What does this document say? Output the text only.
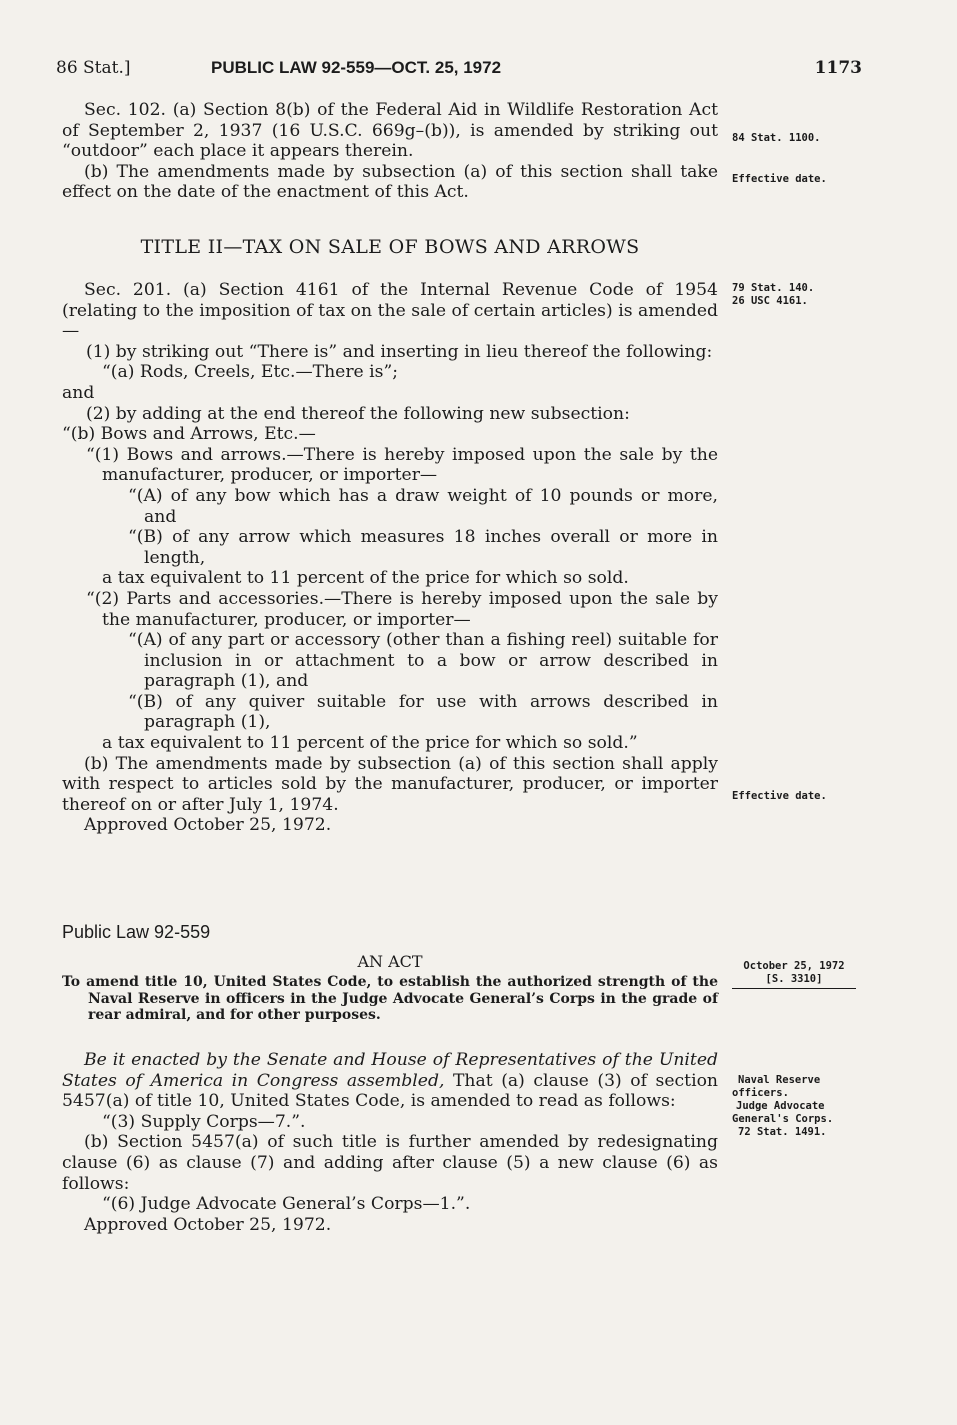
86 Stat.]	PUBLIC LAW 92-559—OCT. 25, 1972	1173

Sec. 102. (a) Section 8(b) of the Federal Aid in Wildlife Restoration Act of September 2, 1937 (16 U.S.C. 669g–(b)), is amended by striking out “outdoor” each place it appears therein.

(b) The amendments made by subsection (a) of this section shall take effect on the date of the enactment of this Act.

TITLE II—TAX ON SALE OF BOWS AND ARROWS

Sec. 201. (a) Section 4161 of the Internal Revenue Code of 1954 (relating to the imposition of tax on the sale of certain articles) is amended—

(1) by striking out “There is” and inserting in lieu thereof the following:

“(a) Rods, Creels, Etc.—There is”;

and

(2) by adding at the end thereof the following new subsection:

“(b) Bows and Arrows, Etc.—

“(1) Bows and arrows.—There is hereby imposed upon the sale by the manufacturer, producer, or importer—

“(A) of any bow which has a draw weight of 10 pounds or more, and

“(B) of any arrow which measures 18 inches overall or more in length,

a tax equivalent to 11 percent of the price for which so sold.

“(2) Parts and accessories.—There is hereby imposed upon the sale by the manufacturer, producer, or importer—

“(A) of any part or accessory (other than a fishing reel) suitable for inclusion in or attachment to a bow or arrow described in paragraph (1), and

“(B) of any quiver suitable for use with arrows described in paragraph (1),

a tax equivalent to 11 percent of the price for which so sold.”

(b) The amendments made by subsection (a) of this section shall apply with respect to articles sold by the manufacturer, producer, or importer thereof on or after July 1, 1974.

Approved October 25, 1972.

Public Law 92-559
AN ACT

To amend title 10, United States Code, to establish the authorized strength of the Naval Reserve in officers in the Judge Advocate General’s Corps in the grade of rear admiral, and for other purposes.

Be it enacted by the Senate and House of Representatives of the United States of America in Congress assembled, That (a) clause (3) of section 5457(a) of title 10, United States Code, is amended to read as follows:

“(3) Supply Corps—7.”.

(b) Section 5457(a) of such title is further amended by redesignating clause (6) as clause (7) and adding after clause (5) a new clause (6) as follows:

“(6) Judge Advocate General’s Corps—1.”.

Approved October 25, 1972.

84 Stat. 1100.
Effective date.
79 Stat. 140.
26 USC 4161.
Effective date.
October 25, 1972
[S. 3310]
Naval Reserve
officers.
Judge Advocate
General's Corps.
72 Stat. 1491.
